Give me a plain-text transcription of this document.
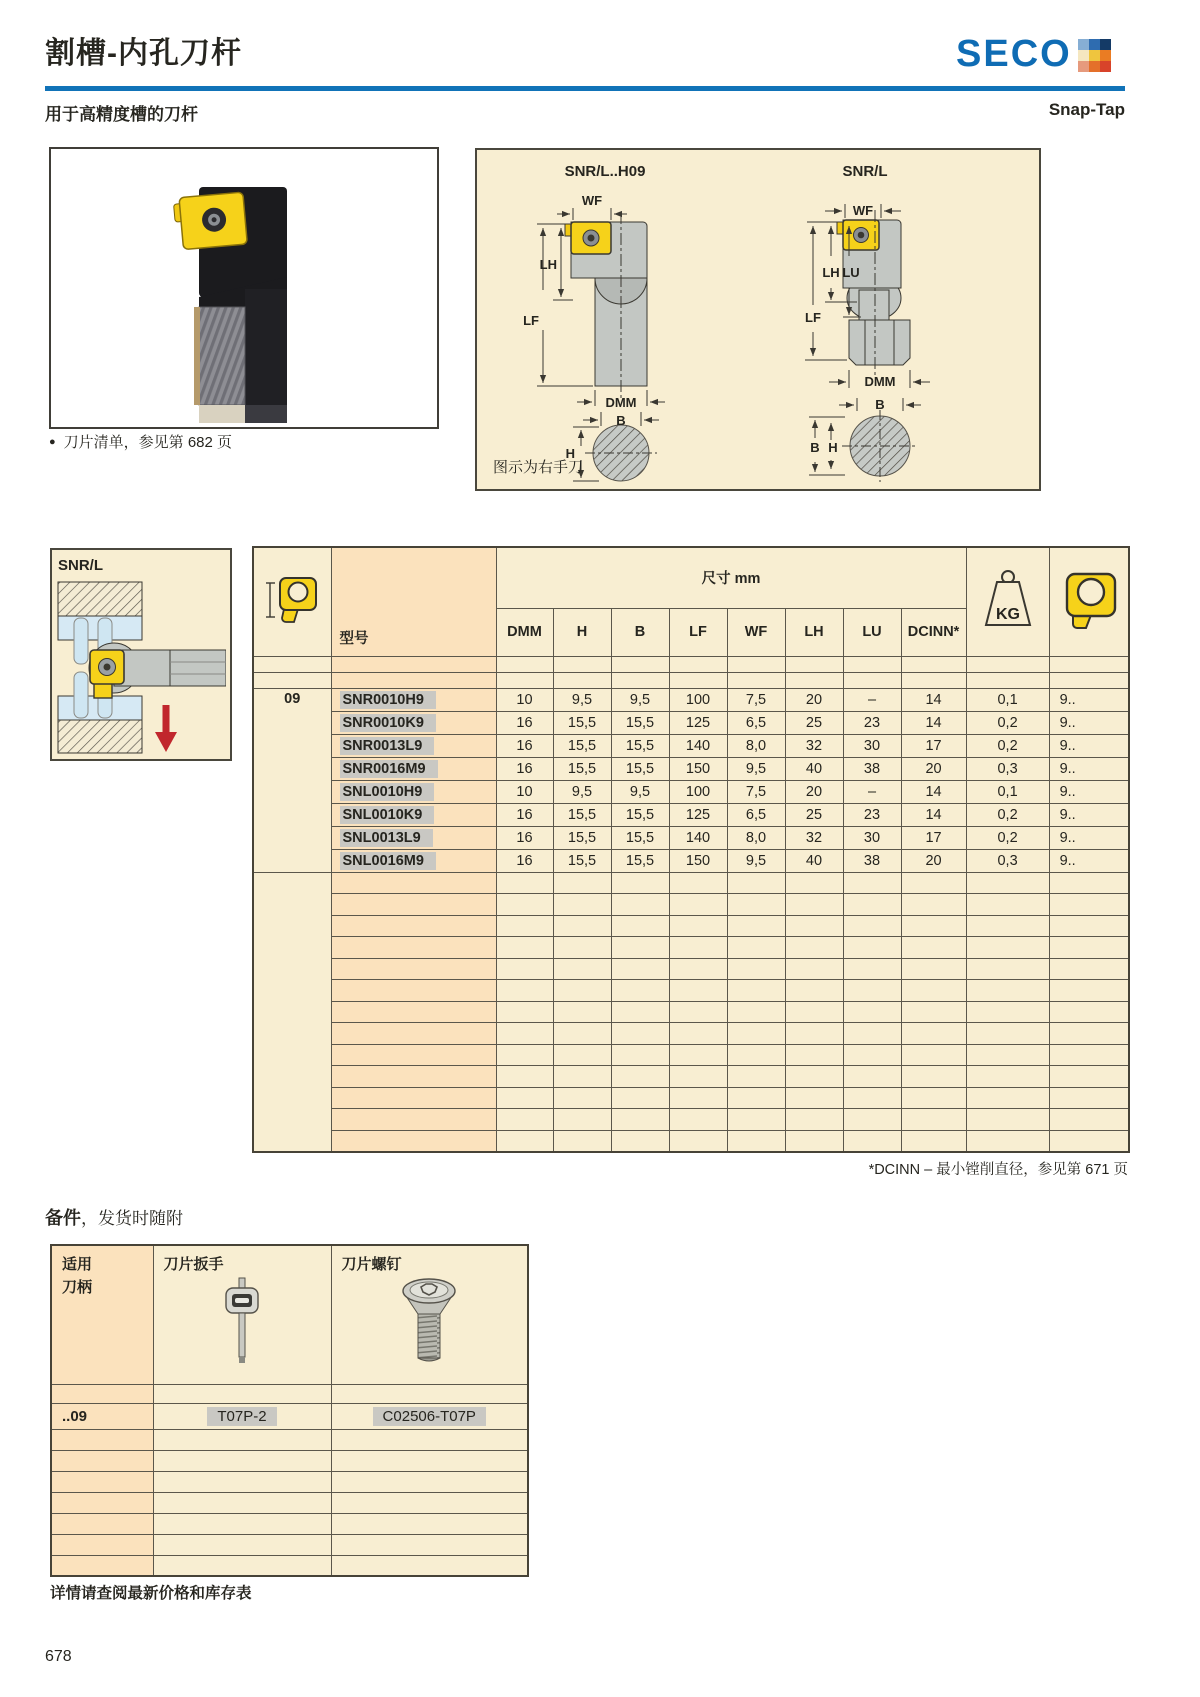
割槽-内孔刀杆	SECO
用于高精度槽的刀杆	Snap-Tap
● 刀片清单，参见第 682 页
SNR/L..H09	SNR/L
WF
LH
LF
DMM
B
H
WF
LH LU
LF
DMM
B
B H
图示为右手刀
SNR/L
	型号	尺寸 mm								KG

		DMM	H	B	LF	WF	LH	LU	DCINN*		

09	SNR0010H9	10	9,5	9,5	100	7,5	20	–	14	0,1	9..
	SNR0010K9	16	15,5	15,5	125	6,5	25	23	14	0,2	9..
	SNR0013L9	16	15,5	15,5	140	8,0	32	30	17	0,2	9..
	SNR0016M9	16	15,5	15,5	150	9,5	40	38	20	0,3	9..
	SNL0010H9	10	9,5	9,5	100	7,5	20	–	14	0,1	9..
	SNL0010K9	16	15,5	15,5	125	6,5	25	23	14	0,2	9..
	SNL0013L9	16	15,5	15,5	140	8,0	32	30	17	0,2	9..
	SNL0016M9	16	15,5	15,5	150	9,5	40	38	20	0,3	9..

*DCINN – 最小镗削直径，参见第 671 页
备件，发货时随附
适用
刀柄	刀片扳手	刀片螺钉

..09	T07P-2	C02506-T07P

详情请查阅最新价格和库存表
678
